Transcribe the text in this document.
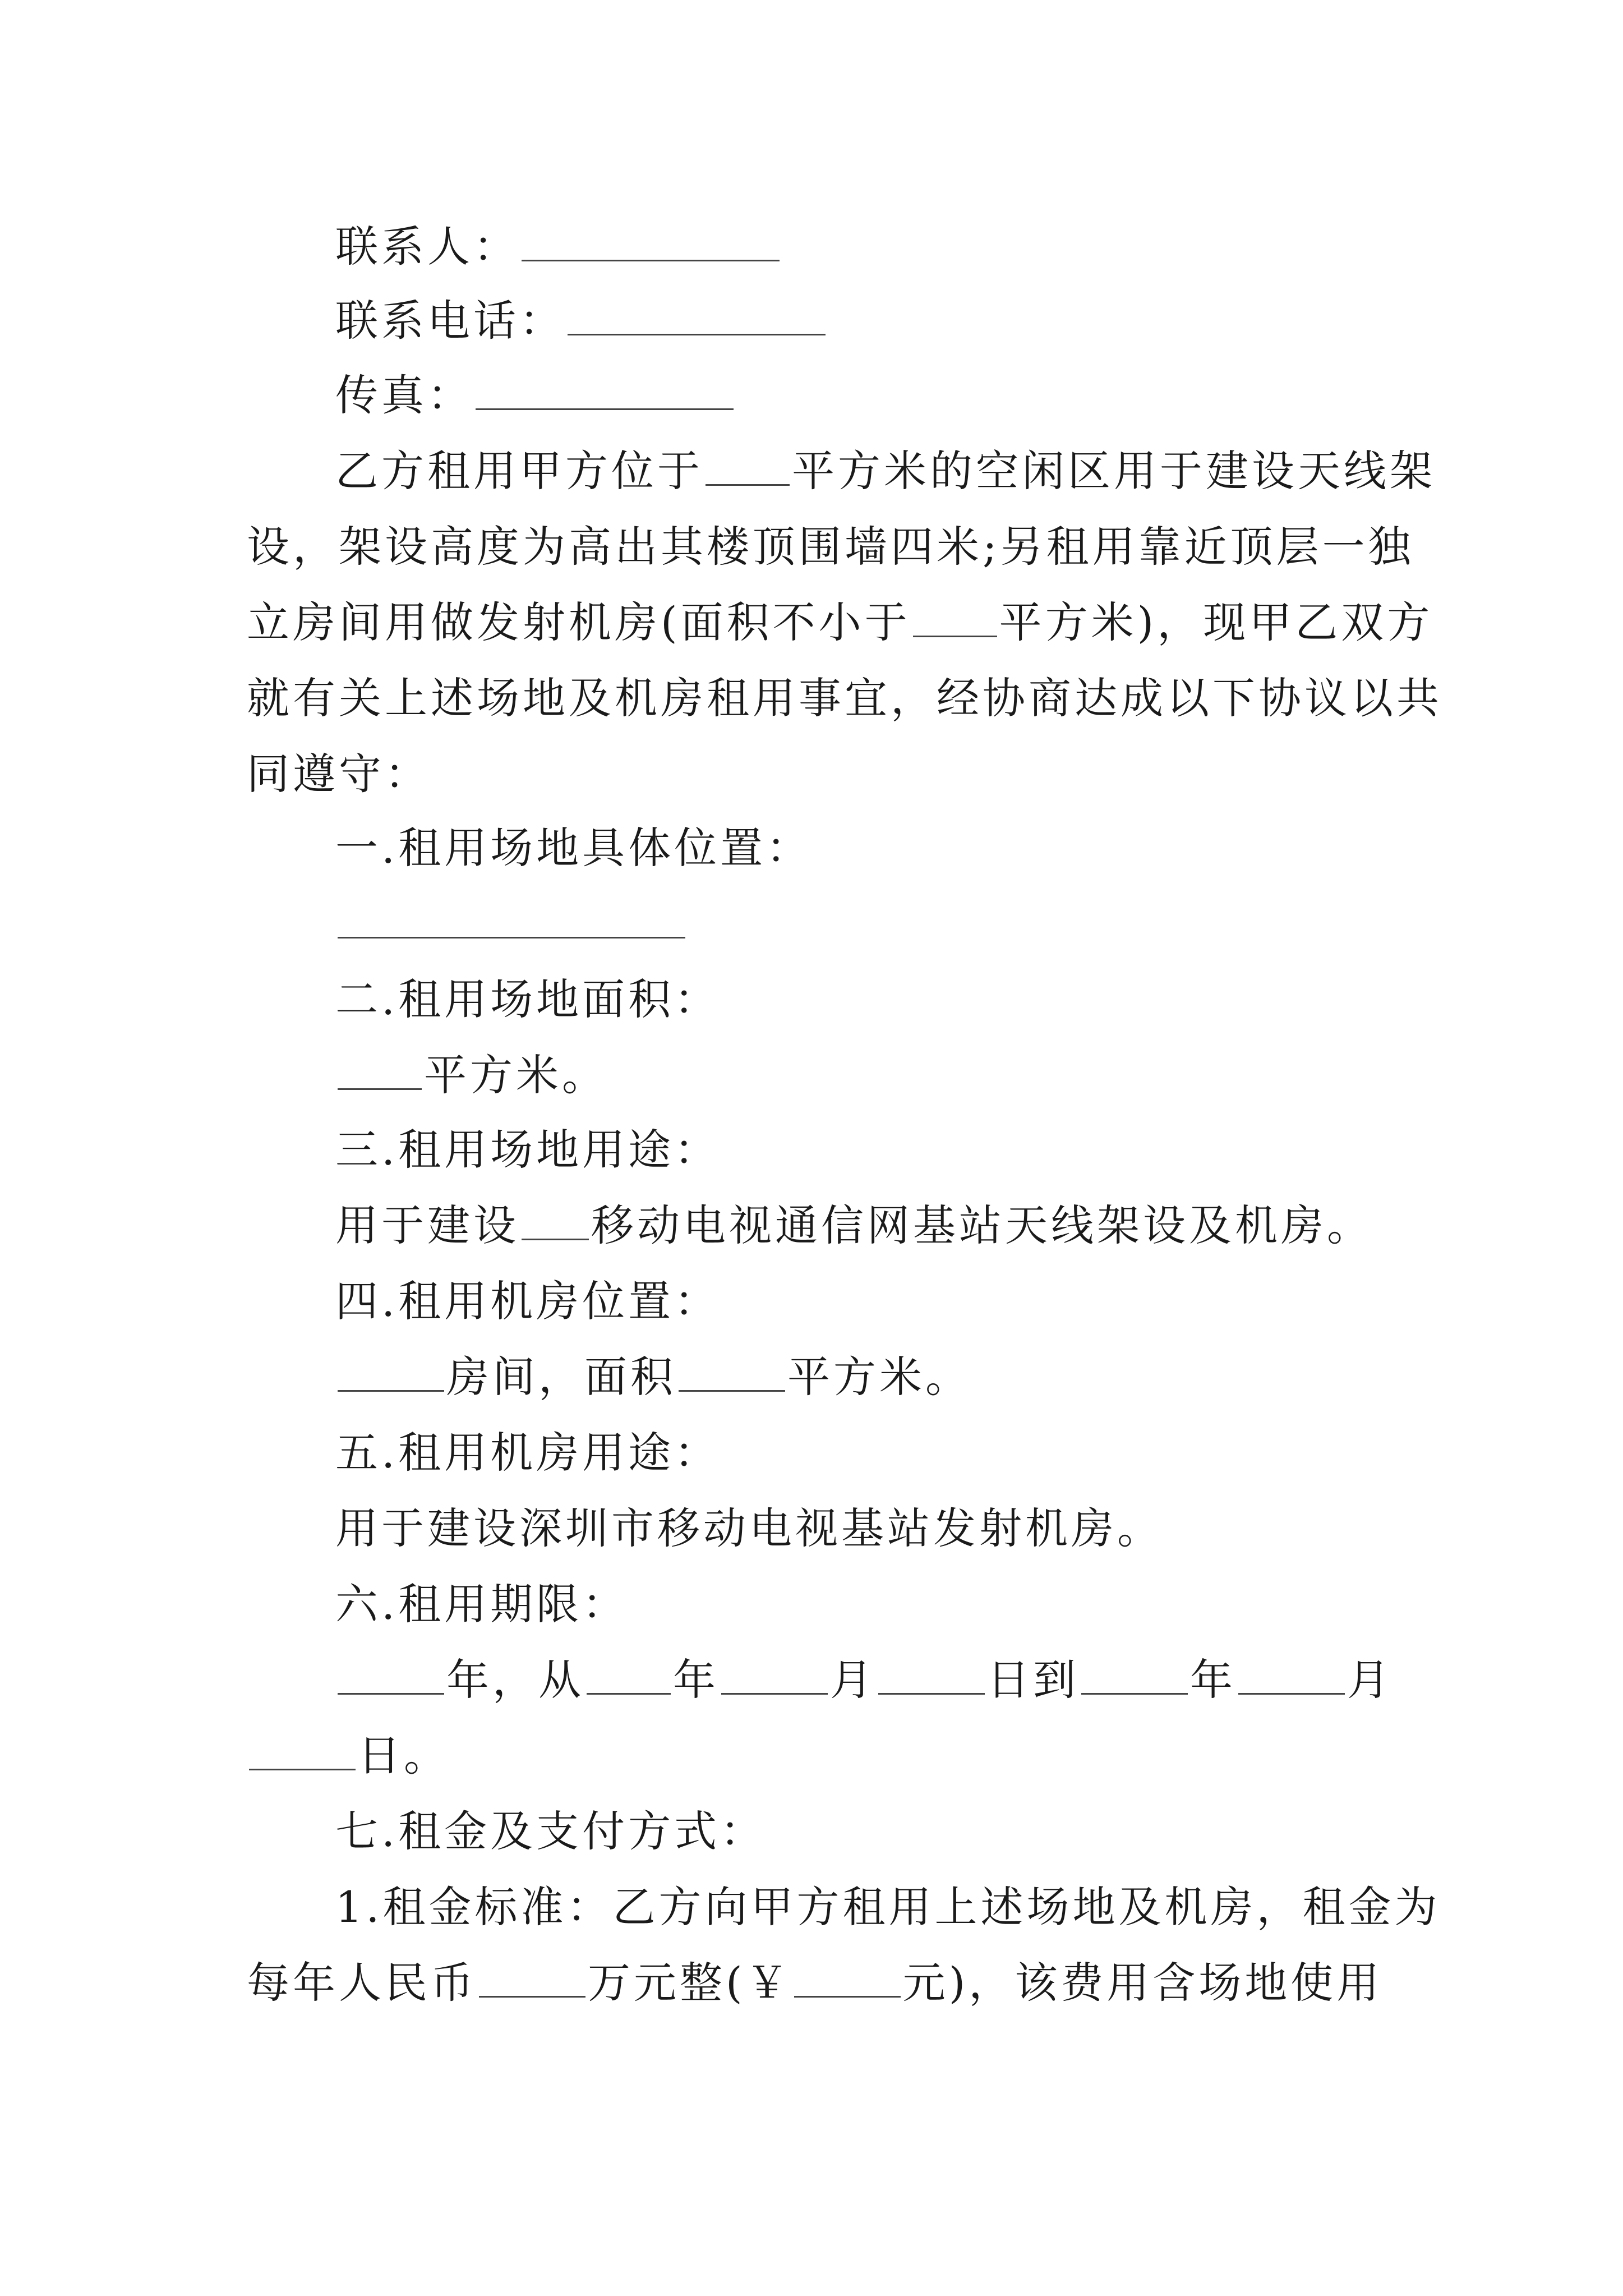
联系人：
联系电话：
传真：
乙方租用甲方位于 平方米的空闲区用于建设天线架
设，架设高度为高出其楼顶围墙四米;另租用靠近顶层一独
立房间用做发射机房(面积不小于 平方米)，现甲乙双方
就有关上述场地及机房租用事宜，经协商达成以下协议以共
同遵守：
一.租用场地具体位置：
二.租用场地面积：
平方米。
三.租用场地用途：
用于建设 移动电视通信网基站天线架设及机房。
四.租用机房位置：
房间，面积	平方米。
五.租用机房用途：
用于建设深圳市移动电视基站发射机房。
六.租用期限：
年，从 年	月	日到	年	月
日。
七.租金及支付方式：
1.租金标准：乙方向甲方租用上述场地及机房，租金为
每年人民币	万元整(￥	元)，该费用含场地使用
